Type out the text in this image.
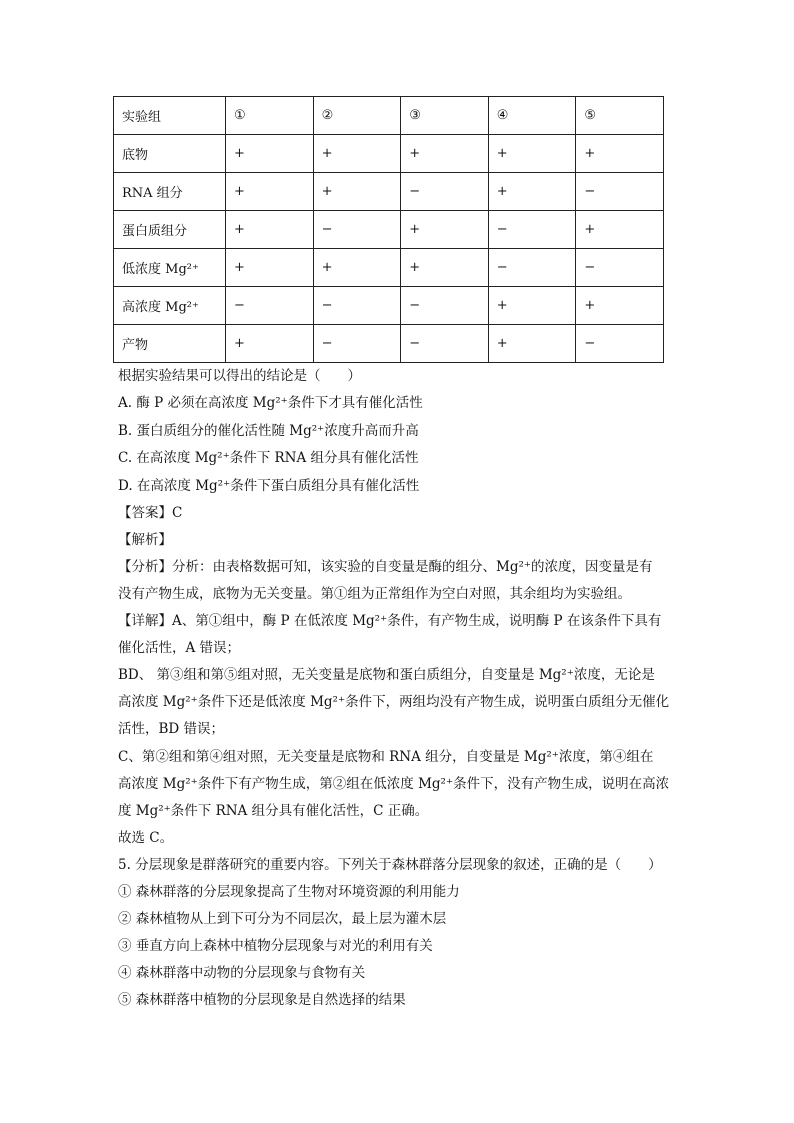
实验组	①	②	③	④	⑤
底物	+	+	+	+	+
RNA 组分	+	+	−	+	−
蛋白质组分	+	−	+	−	+
低浓度 Mg²⁺	+	+	+	−	−
高浓度 Mg²⁺	−	−	−	+	+
产物	+	−	−	+	−
根据实验结果可以得出的结论是（　　）
A. 酶 P 必须在高浓度 Mg²⁺条件下才具有催化活性
B. 蛋白质组分的催化活性随 Mg²⁺浓度升高而升高
C. 在高浓度 Mg²⁺条件下 RNA 组分具有催化活性
D. 在高浓度 Mg²⁺条件下蛋白质组分具有催化活性
【答案】C
【解析】
【分析】分析：由表格数据可知，该实验的自变量是酶的组分、Mg²⁺的浓度，因变量是有
没有产物生成，底物为无关变量。第①组为正常组作为空白对照，其余组均为实验组。
【详解】A、第①组中，酶 P 在低浓度 Mg²⁺条件，有产物生成，说明酶 P 在该条件下具有
催化活性，A 错误；
BD、 第③组和第⑤组对照，无关变量是底物和蛋白质组分，自变量是 Mg²⁺浓度，无论是
高浓度 Mg²⁺条件下还是低浓度 Mg²⁺条件下，两组均没有产物生成，说明蛋白质组分无催化
活性，BD 错误；
C、第②组和第④组对照，无关变量是底物和 RNA 组分，自变量是 Mg²⁺浓度，第④组在
高浓度 Mg²⁺条件下有产物生成，第②组在低浓度 Mg²⁺条件下，没有产物生成，说明在高浓
度 Mg²⁺条件下 RNA 组分具有催化活性，C 正确。
故选 C。
5. 分层现象是群落研究的重要内容。下列关于森林群落分层现象的叙述，正确的是（　　）
① 森林群落的分层现象提高了生物对环境资源的利用能力
② 森林植物从上到下可分为不同层次，最上层为灌木层
③ 垂直方向上森林中植物分层现象与对光的利用有关
④ 森林群落中动物的分层现象与食物有关
⑤ 森林群落中植物的分层现象是自然选择的结果
